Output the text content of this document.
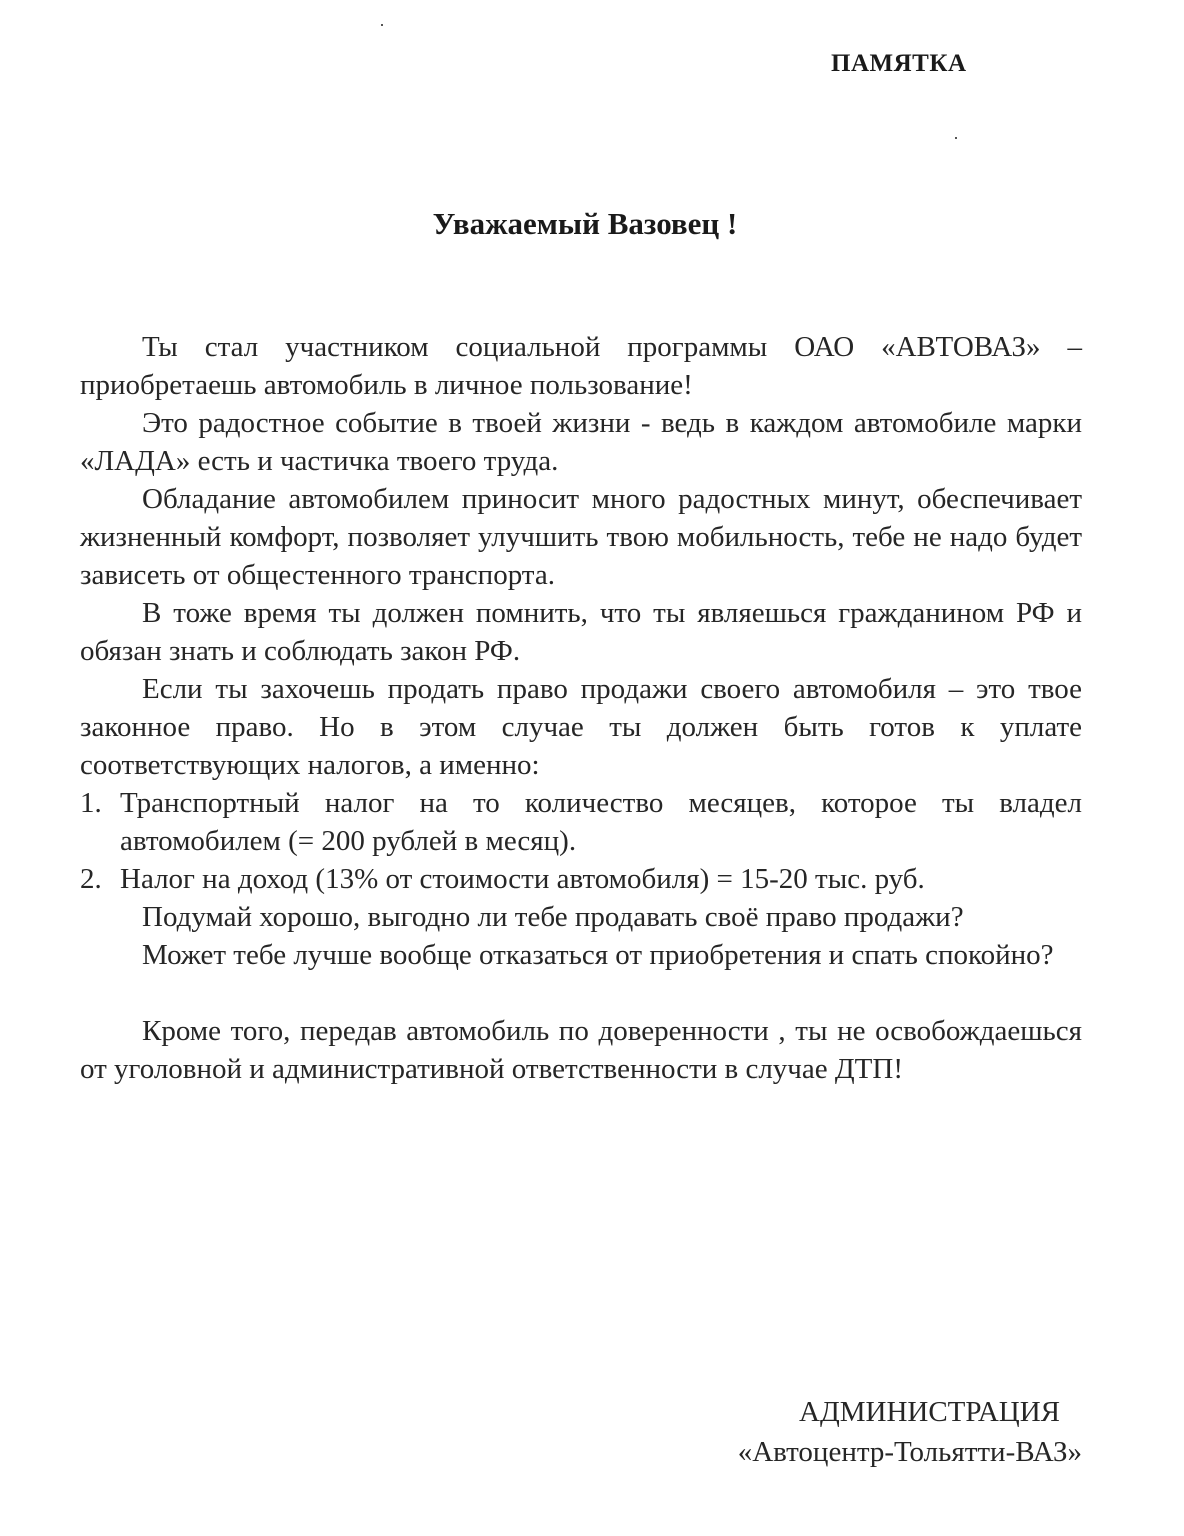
ПАМЯТКА
Уважаемый Вазовец !

Ты стал участником социальной программы ОАО «АВТОВАЗ» – приобретаешь автомобиль в личное пользование!

Это радостное событие в твоей жизни - ведь в каждом автомобиле марки «ЛАДА» есть и частичка твоего труда.

Обладание автомобилем приносит много радостных минут, обеспечивает жизненный комфорт, позволяет улучшить твою мобильность, тебе не надо будет зависеть от общестенного транспорта.

В тоже время ты должен помнить, что ты являешься гражданином РФ и обязан знать и соблюдать закон РФ.

Если ты захочешь продать право продажи своего автомобиля – это твое законное право. Но в этом случае ты должен быть готов к уплате соответствующих налогов, а именно:

1. Транспортный налог на то количество месяцев, которое ты владел автомобилем (= 200 рублей в месяц).
2. Налог на доход (13% от стоимости автомобиля) = 15-20 тыс. руб.

Подумай хорошо, выгодно ли тебе продавать своё право продажи?

Может тебе лучше вообще отказаться от приобретения и спать спокойно?

Кроме того, передав автомобиль по доверенности , ты не освобождаешься от уголовной и административной ответственности в случае ДТП!

АДМИНИСТРАЦИЯ
«Автоцентр-Тольятти-ВАЗ»
